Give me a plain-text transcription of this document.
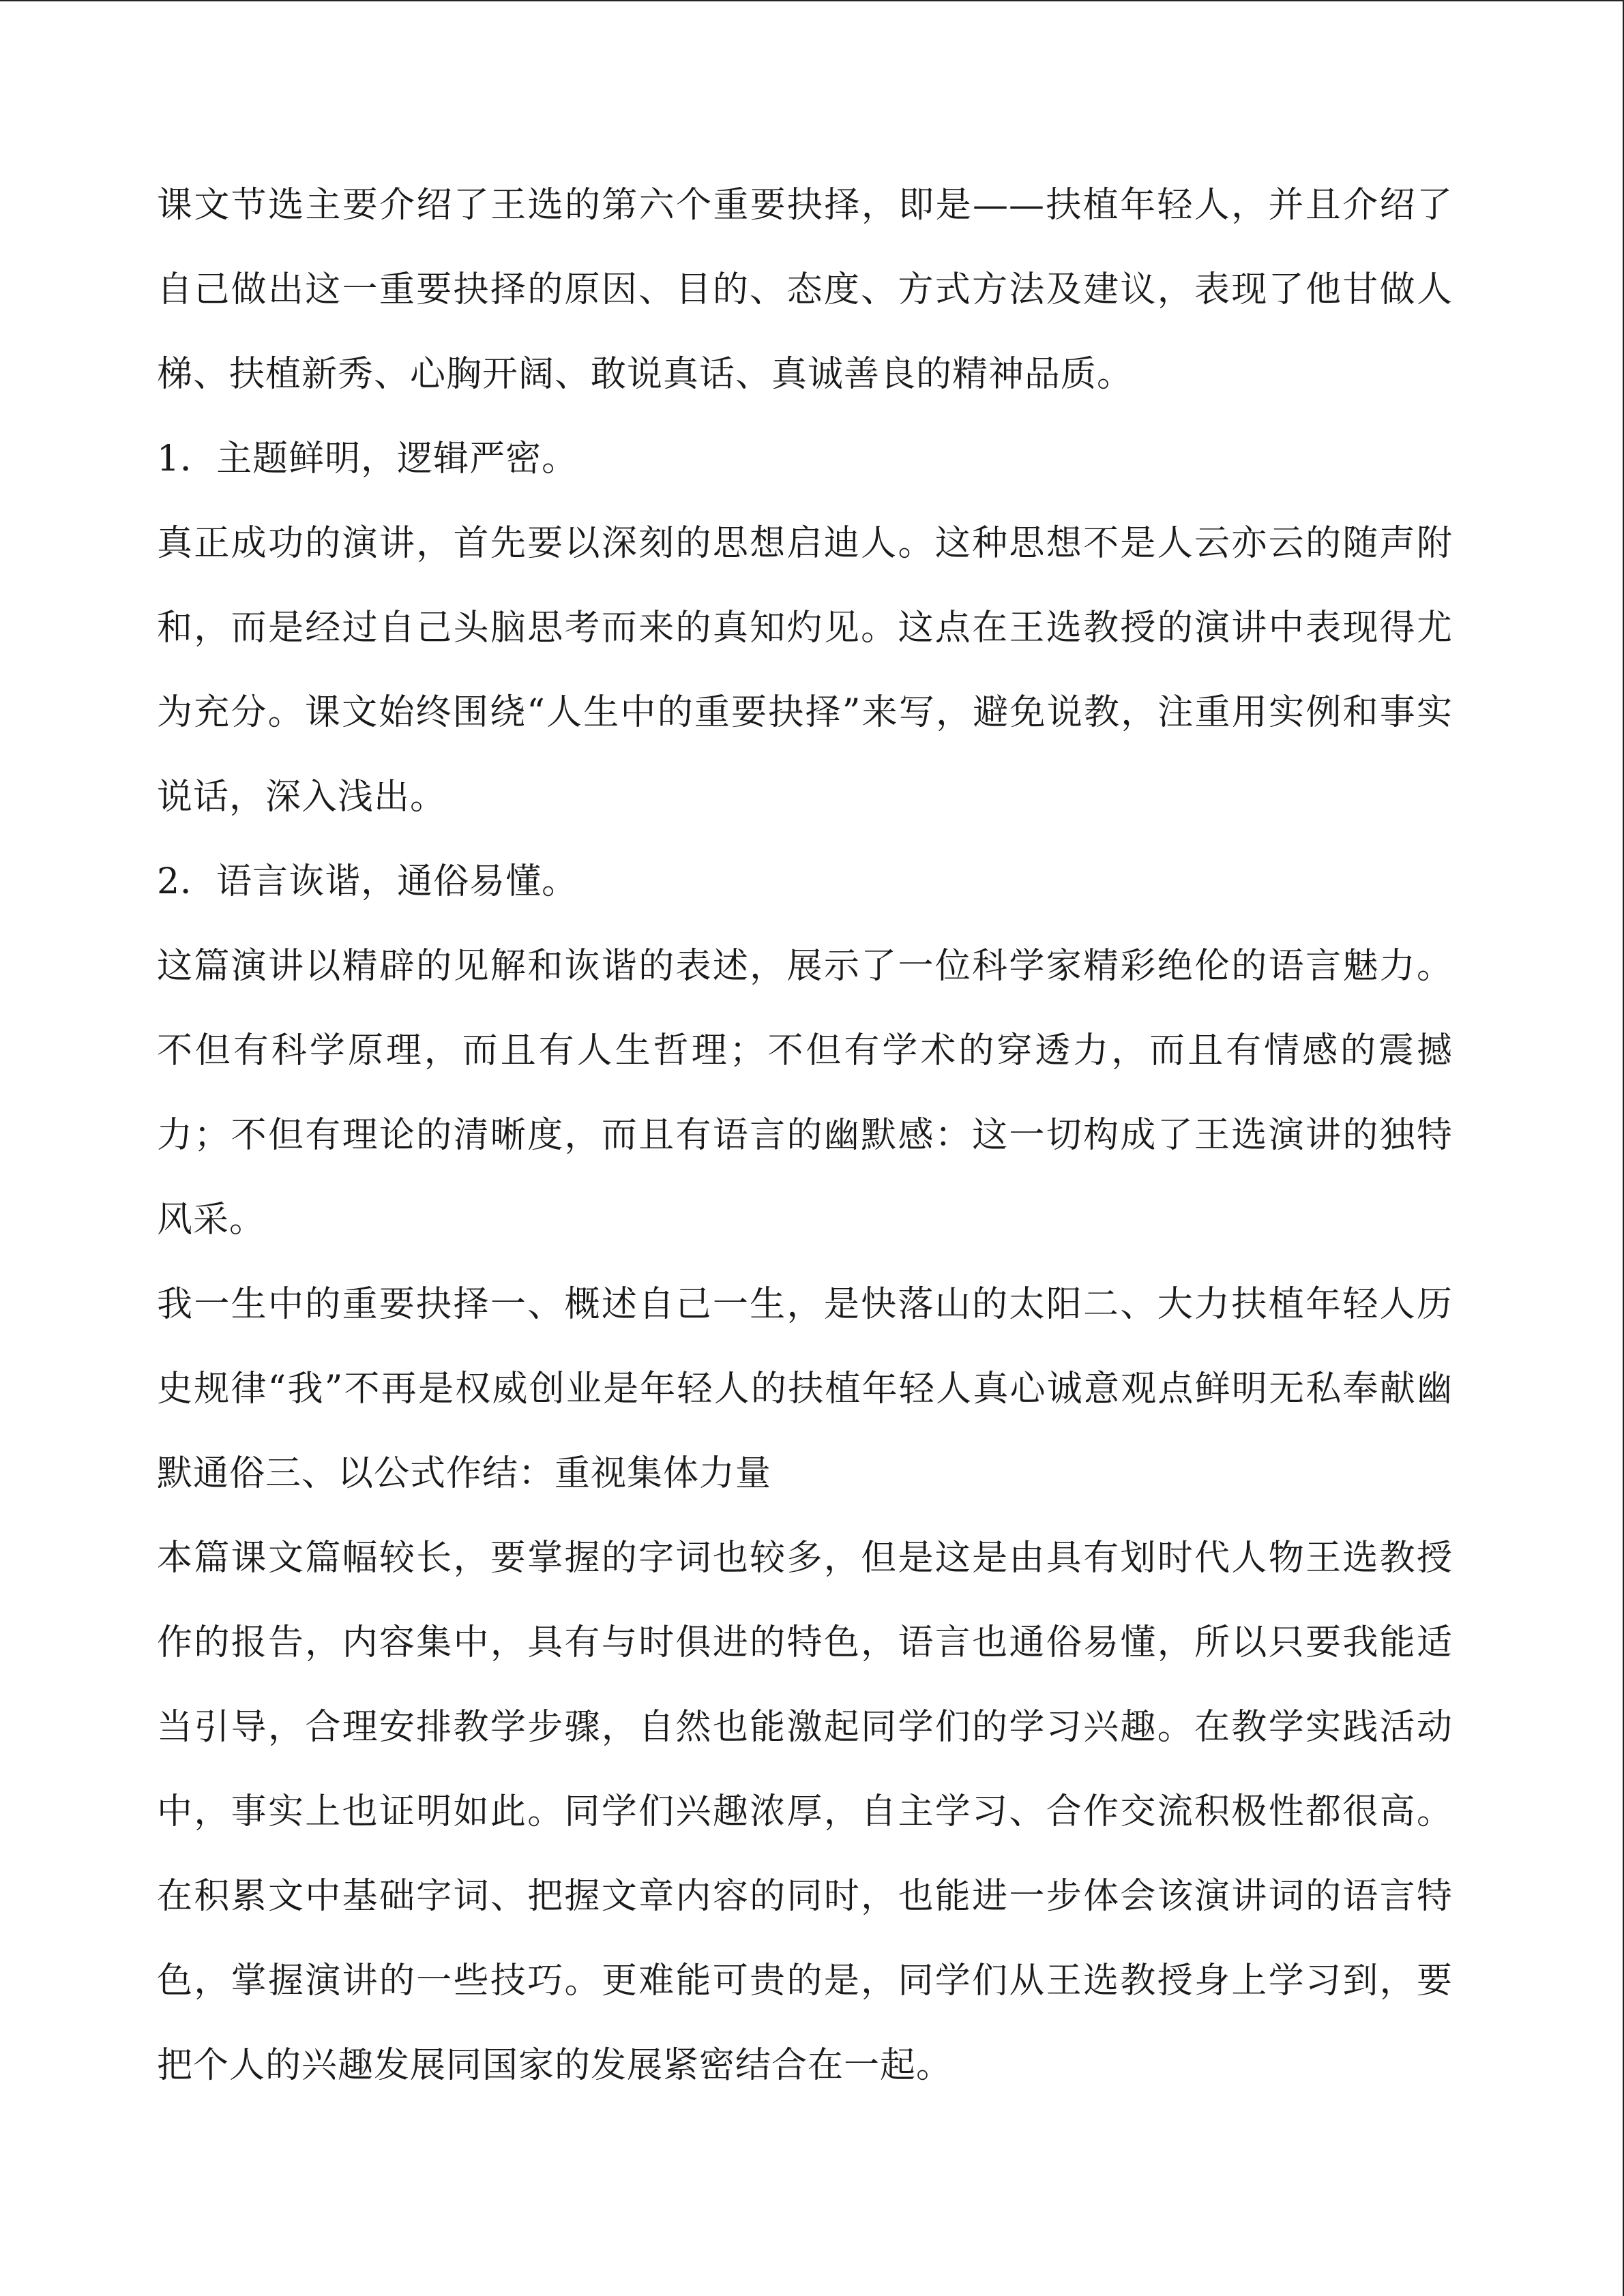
课文节选主要介绍了王选的第六个重要抉择，即是——扶植年轻人，并且介绍了自己做出这一重要抉择的原因、目的、态度、方式方法及建议，表现了他甘做人梯、扶植新秀、心胸开阔、敢说真话、真诚善良的精神品质。

1．主题鲜明，逻辑严密。

真正成功的演讲，首先要以深刻的思想启迪人。这种思想不是人云亦云的随声附和，而是经过自己头脑思考而来的真知灼见。这点在王选教授的演讲中表现得尤为充分。课文始终围绕“人生中的重要抉择”来写，避免说教，注重用实例和事实说话，深入浅出。

2．语言诙谐，通俗易懂。

这篇演讲以精辟的见解和诙谐的表述，展示了一位科学家精彩绝伦的语言魅力。不但有科学原理，而且有人生哲理；不但有学术的穿透力，而且有情感的震撼力；不但有理论的清晰度，而且有语言的幽默感：这一切构成了王选演讲的独特风采。

我一生中的重要抉择一、概述自己一生，是快落山的太阳二、大力扶植年轻人历史规律“我”不再是权威创业是年轻人的扶植年轻人真心诚意观点鲜明无私奉献幽默通俗三、以公式作结：重视集体力量

本篇课文篇幅较长，要掌握的字词也较多，但是这是由具有划时代人物王选教授作的报告，内容集中，具有与时俱进的特色，语言也通俗易懂，所以只要我能适当引导，合理安排教学步骤，自然也能激起同学们的学习兴趣。在教学实践活动中，事实上也证明如此。同学们兴趣浓厚，自主学习、合作交流积极性都很高。在积累文中基础字词、把握文章内容的同时，也能进一步体会该演讲词的语言特色，掌握演讲的一些技巧。更难能可贵的是，同学们从王选教授身上学习到，要把个人的兴趣发展同国家的发展紧密结合在一起。
